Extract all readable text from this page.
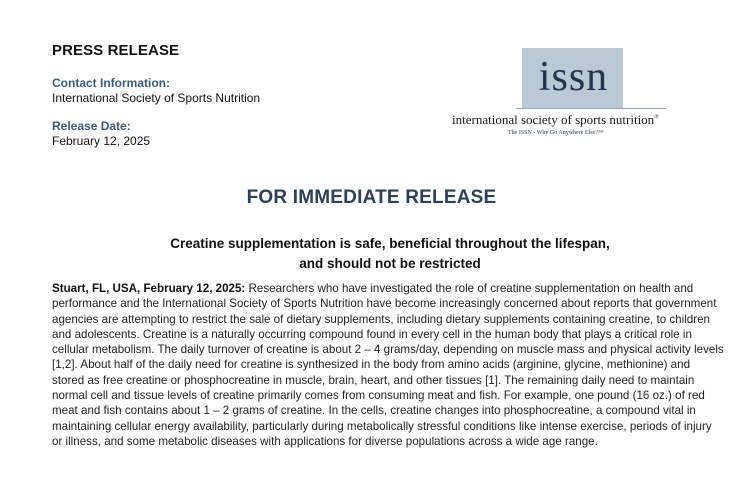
PRESS RELEASE
Contact Information:
International Society of Sports Nutrition
Release Date:
February 12, 2025
issn
international society of sports nutrition®
The ISSN - Why Go Anywhere Else?™
FOR IMMEDIATE RELEASE
Creatine supplementation is safe, beneficial throughout the lifespan,
and should not be restricted

Stuart, FL, USA, February 12, 2025: Researchers who have investigated the role of creatine supplementation on health and performance and the International Society of Sports Nutrition have become increasingly concerned about reports that government agencies are attempting to restrict the sale of dietary supplements, including dietary supplements containing creatine, to children and adolescents. Creatine is a naturally occurring compound found in every cell in the human body that plays a critical role in cellular metabolism. The daily turnover of creatine is about 2 – 4 grams/day, depending on muscle mass and physical activity levels [1,2]. About half of the daily need for creatine is synthesized in the body from amino acids (arginine, glycine, methionine) and stored as free creatine or phosphocreatine in muscle, brain, heart, and other tissues [1]. The remaining daily need to maintain normal cell and tissue levels of creatine primarily comes from consuming meat and fish. For example, one pound (16 oz.) of red meat and fish contains about 1 – 2 grams of creatine. In the cells, creatine changes into phosphocreatine, a compound vital in maintaining cellular energy availability, particularly during metabolically stressful conditions like intense exercise, periods of injury or illness, and some metabolic diseases with applications for diverse populations across a wide age range.
